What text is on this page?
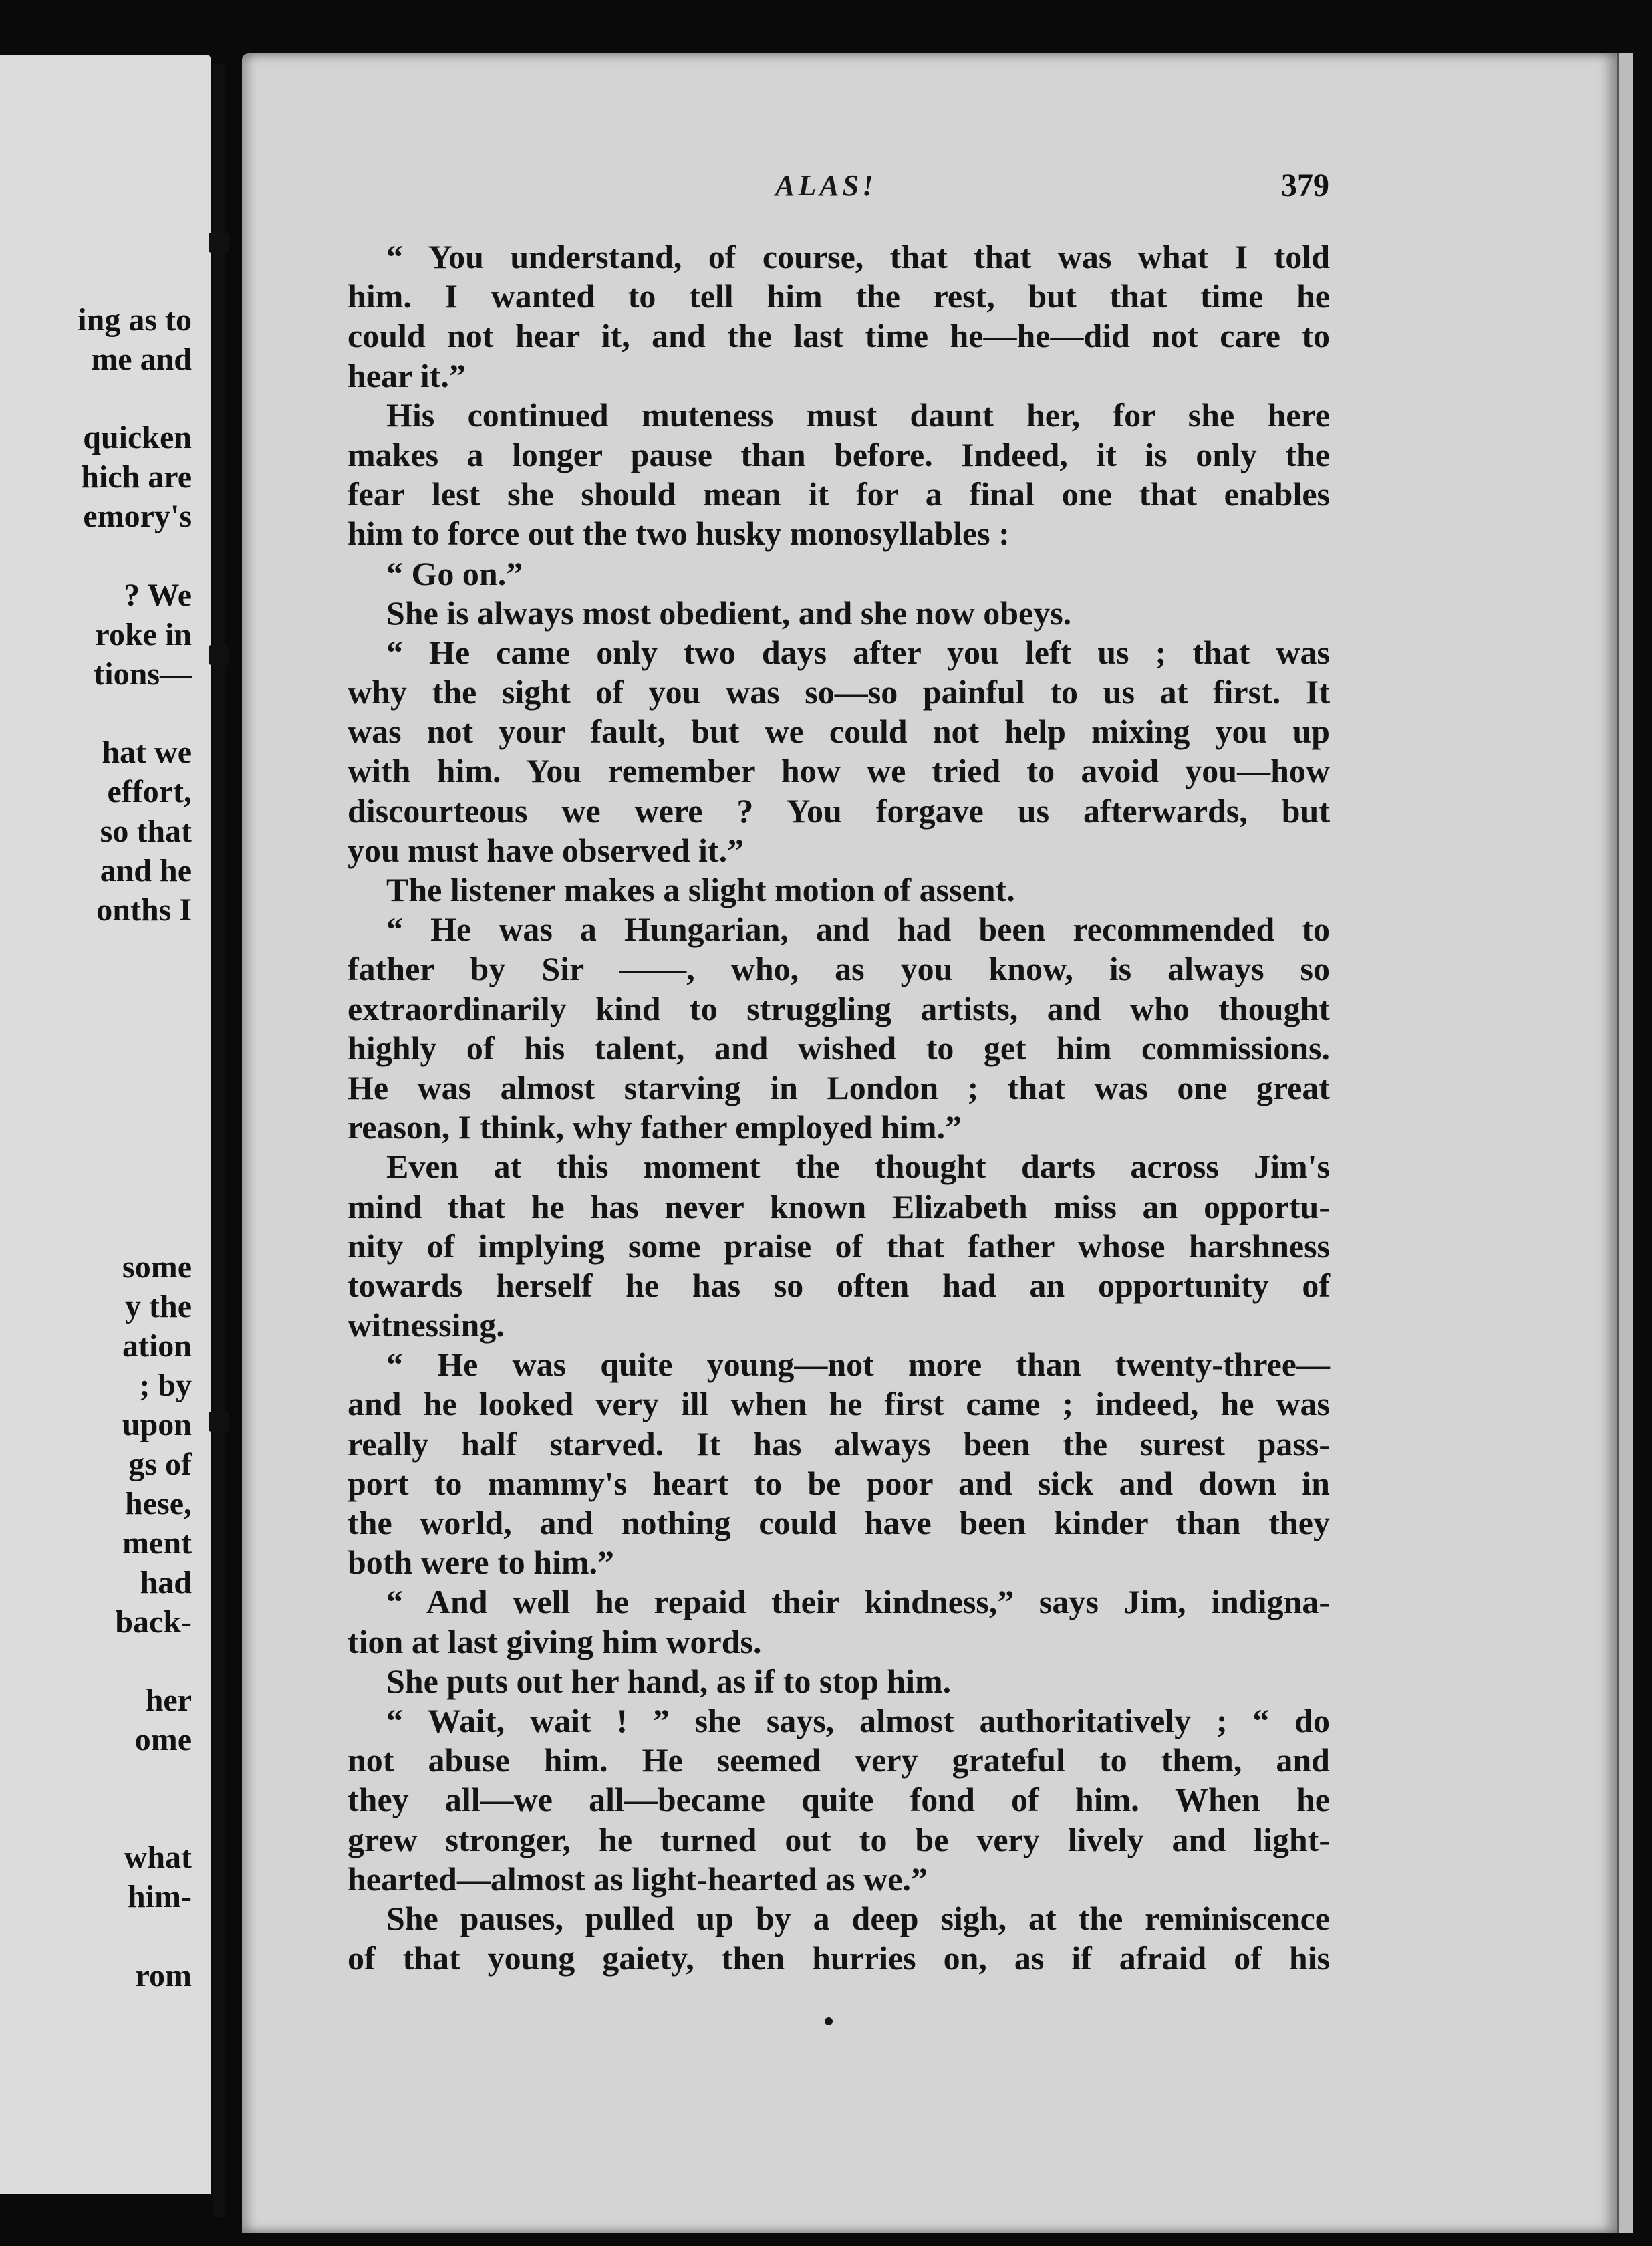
ing as to

me and

quicken

hich are

emory's

? We

roke in

tions—

hat we

effort,

so that

and he

onths I

some

y the

ation

; by

upon

gs of

hese,

ment

had

back-

her

ome

what

him-

rom

ALAS!	379

“ You understand, of course, that that was what I told
him. I wanted to tell him the rest, but that time he
could not hear it, and the last time he—he—did not care to
hear it.”
His continued muteness must daunt her, for she here
makes a longer pause than before. Indeed, it is only the
fear lest she should mean it for a final one that enables
him to force out the two husky monosyllables :
“ Go on.”
She is always most obedient, and she now obeys.
“ He came only two days after you left us ; that was
why the sight of you was so—so painful to us at first. It
was not your fault, but we could not help mixing you up
with him. You remember how we tried to avoid you—how
discourteous we were ? You forgave us afterwards, but
you must have observed it.”
The listener makes a slight motion of assent.
“ He was a Hungarian, and had been recommended to
father by Sir ——, who, as you know, is always so
extraordinarily kind to struggling artists, and who thought
highly of his talent, and wished to get him commissions.
He was almost starving in London ; that was one great
reason, I think, why father employed him.”
Even at this moment the thought darts across Jim's
mind that he has never known Elizabeth miss an opportu-
nity of implying some praise of that father whose harshness
towards herself he has so often had an opportunity of
witnessing.
“ He was quite young—not more than twenty-three—
and he looked very ill when he first came ; indeed, he was
really half starved. It has always been the surest pass-
port to mammy's heart to be poor and sick and down in
the world, and nothing could have been kinder than they
both were to him.”
“ And well he repaid their kindness,” says Jim, indigna-
tion at last giving him words.
She puts out her hand, as if to stop him.
“ Wait, wait ! ” she says, almost authoritatively ; “ do
not abuse him. He seemed very grateful to them, and
they all—we all—became quite fond of him. When he
grew stronger, he turned out to be very lively and light-
hearted—almost as light-hearted as we.”
She pauses, pulled up by a deep sigh, at the reminiscence
of that young gaiety, then hurries on, as if afraid of his
